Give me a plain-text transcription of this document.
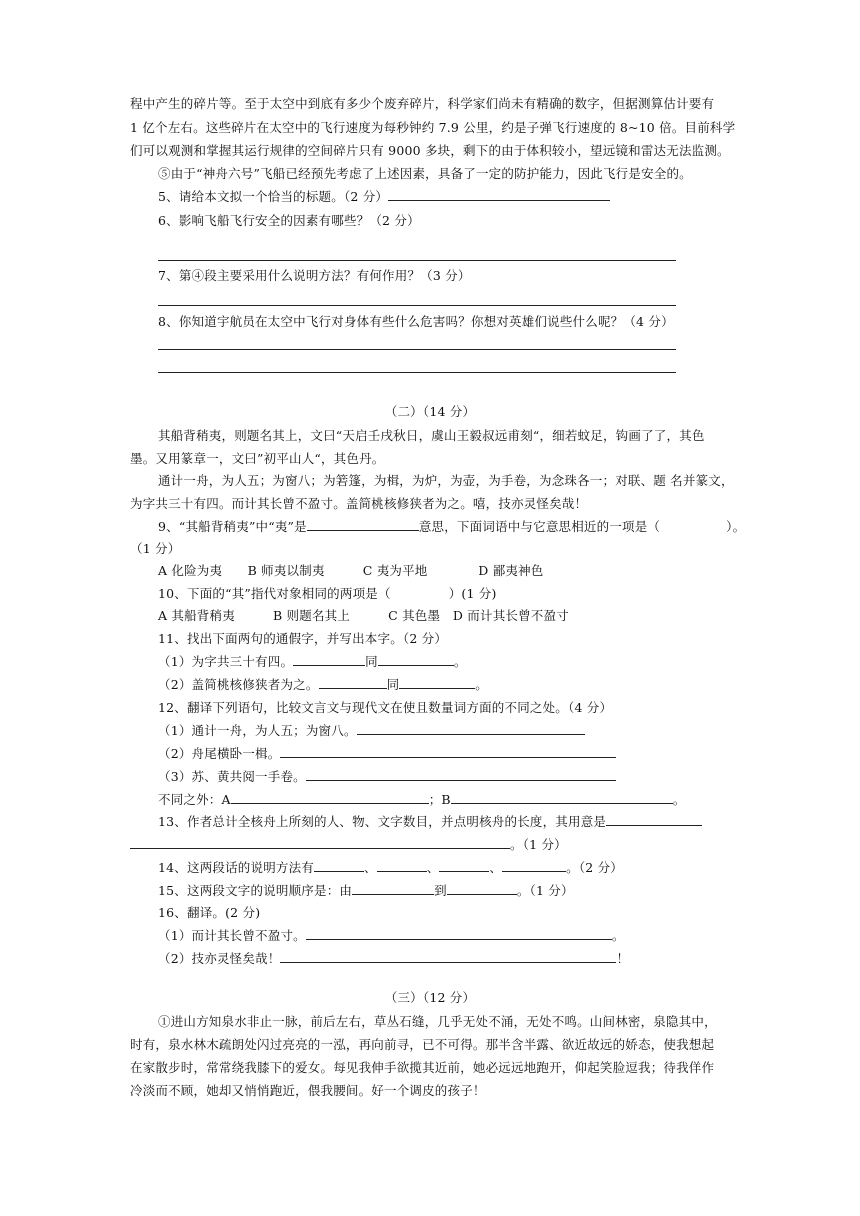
程中产生的碎片等。至于太空中到底有多少个废弃碎片，科学家们尚未有精确的数字，但据测算估计要有
1 亿个左右。这些碎片在太空中的飞行速度为每秒钟约 7.9 公里，约是子弹飞行速度的 8~10 倍。目前科学
们可以观测和掌握其运行规律的空间碎片只有 9000 多块，剩下的由于体积较小，望远镜和雷达无法监测。
⑤由于“神舟六号”飞船已经预先考虑了上述因素，具备了一定的防护能力，因此飞行是安全的。
5、请给本文拟一个恰当的标题。（2 分）
6、影响飞船飞行安全的因素有哪些？（2 分）
7、第④段主要采用什么说明方法？有何作用？（3 分）
8、你知道宇航员在太空中飞行对身体有些什么危害吗？你想对英雄们说些什么呢？（4 分）
（二）（14 分）
其船背稍夷，则题名其上，文曰“天启壬戌秋日，虞山王毅叔远甫刻“，细若蚊足，钩画了了，其色
墨。又用篆章一，文曰”初平山人“，其色丹。
通计一舟，为人五；为窗八；为箬篷，为楫，为炉，为壶，为手卷，为念珠各一；对联、题 名并篆文，
为字共三十有四。而计其长曾不盈寸。盖简桃核修狭者为之。嘻，技亦灵怪矣哉！
9、“其船背稍夷”中“夷”是	意思，下面词语中与它意思相近的一项是（	）。
（1 分）
A 化险为夷　　B 师夷以制夷　　　C 夷为平地　　　　D 鄙夷神色
10、下面的“其”指代对象相同的两项是（	）(1 分)
A 其船背稍夷　　　B 则题名其上　　　C 其色墨　D 而计其长曾不盈寸
11、找出下面两句的通假字，并写出本字。（2 分）
（1）为字共三十有四。	同	。
（2）盖简桃核修狭者为之。	同	。
12、翻译下列语句，比较文言文与现代文在使且数量词方面的不同之处。（4 分）
（1）通计一舟，为人五；为窗八。
（2）舟尾横卧一楫。
（3）苏、黄共阅一手卷。
不同之外：A	；B	。
13、作者总计全核舟上所刻的人、物、文字数目，并点明核舟的长度，其用意是
。（1 分）
14、这两段话的说明方法有	、	、	、	。（2 分）
15、这两段文字的说明顺序是：由	到	。（1 分）
16、翻译。(2 分)
（1）而计其长曾不盈寸。	。
（2）技亦灵怪矣哉！	！
（三）（12 分）
①进山方知泉水非止一脉，前后左右，草丛石缝，几乎无处不涌，无处不鸣。山间林密，泉隐其中，
时有，泉水林木疏朗处闪过亮亮的一泓，再向前寻，已不可得。那半含半露、欲近故远的娇态，使我想起
在家散步时，常常绕我膝下的爱女。每见我伸手欲揽其近前，她必远远地跑开，仰起笑脸逗我；待我佯作
冷淡而不顾，她却又悄悄跑近，偎我腰间。好一个调皮的孩子！
